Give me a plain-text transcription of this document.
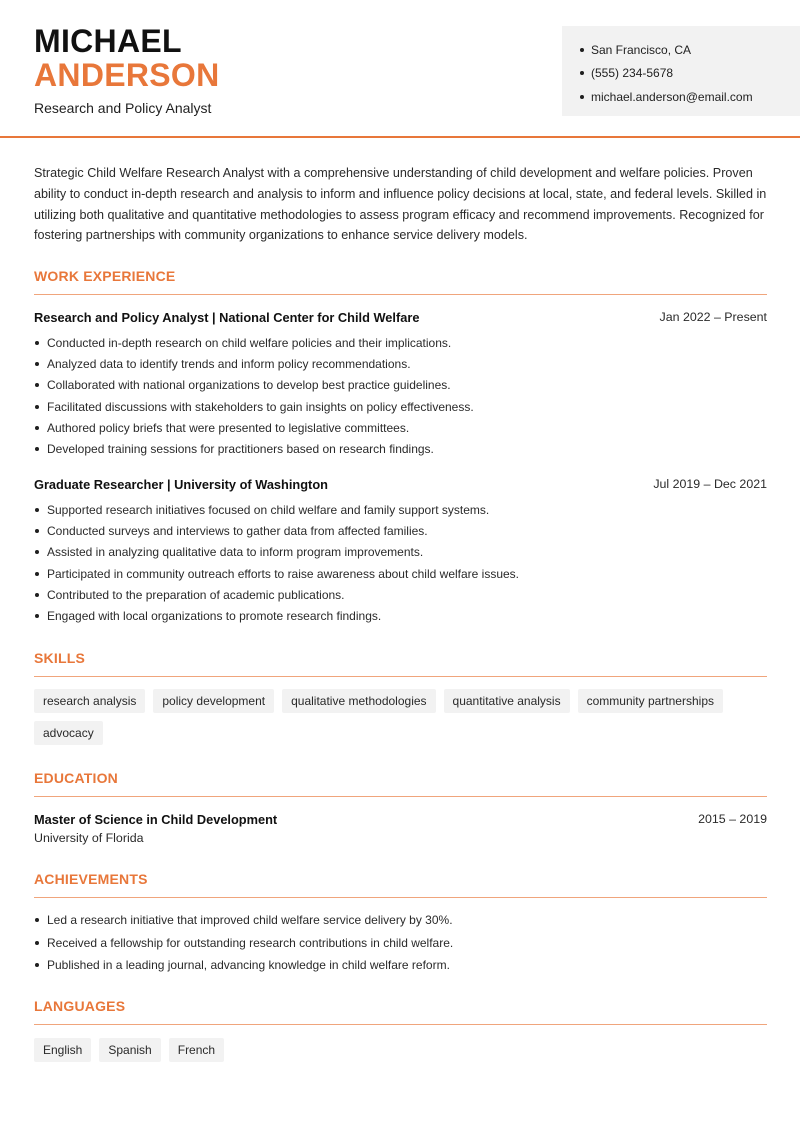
MICHAEL
ANDERSON
Research and Policy Analyst
San Francisco, CA
(555) 234-5678
michael.anderson@email.com
Strategic Child Welfare Research Analyst with a comprehensive understanding of child development and welfare policies. Proven ability to conduct in-depth research and analysis to inform and influence policy decisions at local, state, and federal levels. Skilled in utilizing both qualitative and quantitative methodologies to assess program efficacy and recommend improvements. Recognized for fostering partnerships with community organizations to enhance service delivery models.
WORK EXPERIENCE
Research and Policy Analyst | National Center for Child Welfare	Jan 2022 – Present
Conducted in-depth research on child welfare policies and their implications.
Analyzed data to identify trends and inform policy recommendations.
Collaborated with national organizations to develop best practice guidelines.
Facilitated discussions with stakeholders to gain insights on policy effectiveness.
Authored policy briefs that were presented to legislative committees.
Developed training sessions for practitioners based on research findings.
Graduate Researcher | University of Washington	Jul 2019 – Dec 2021
Supported research initiatives focused on child welfare and family support systems.
Conducted surveys and interviews to gather data from affected families.
Assisted in analyzing qualitative data to inform program improvements.
Participated in community outreach efforts to raise awareness about child welfare issues.
Contributed to the preparation of academic publications.
Engaged with local organizations to promote research findings.
SKILLS
research analysis	policy development	qualitative methodologies	quantitative analysis	community partnerships
advocacy
EDUCATION
Master of Science in Child Development	2015 – 2019
University of Florida
ACHIEVEMENTS
Led a research initiative that improved child welfare service delivery by 30%.
Received a fellowship for outstanding research contributions in child welfare.
Published in a leading journal, advancing knowledge in child welfare reform.
LANGUAGES
English	Spanish	French
